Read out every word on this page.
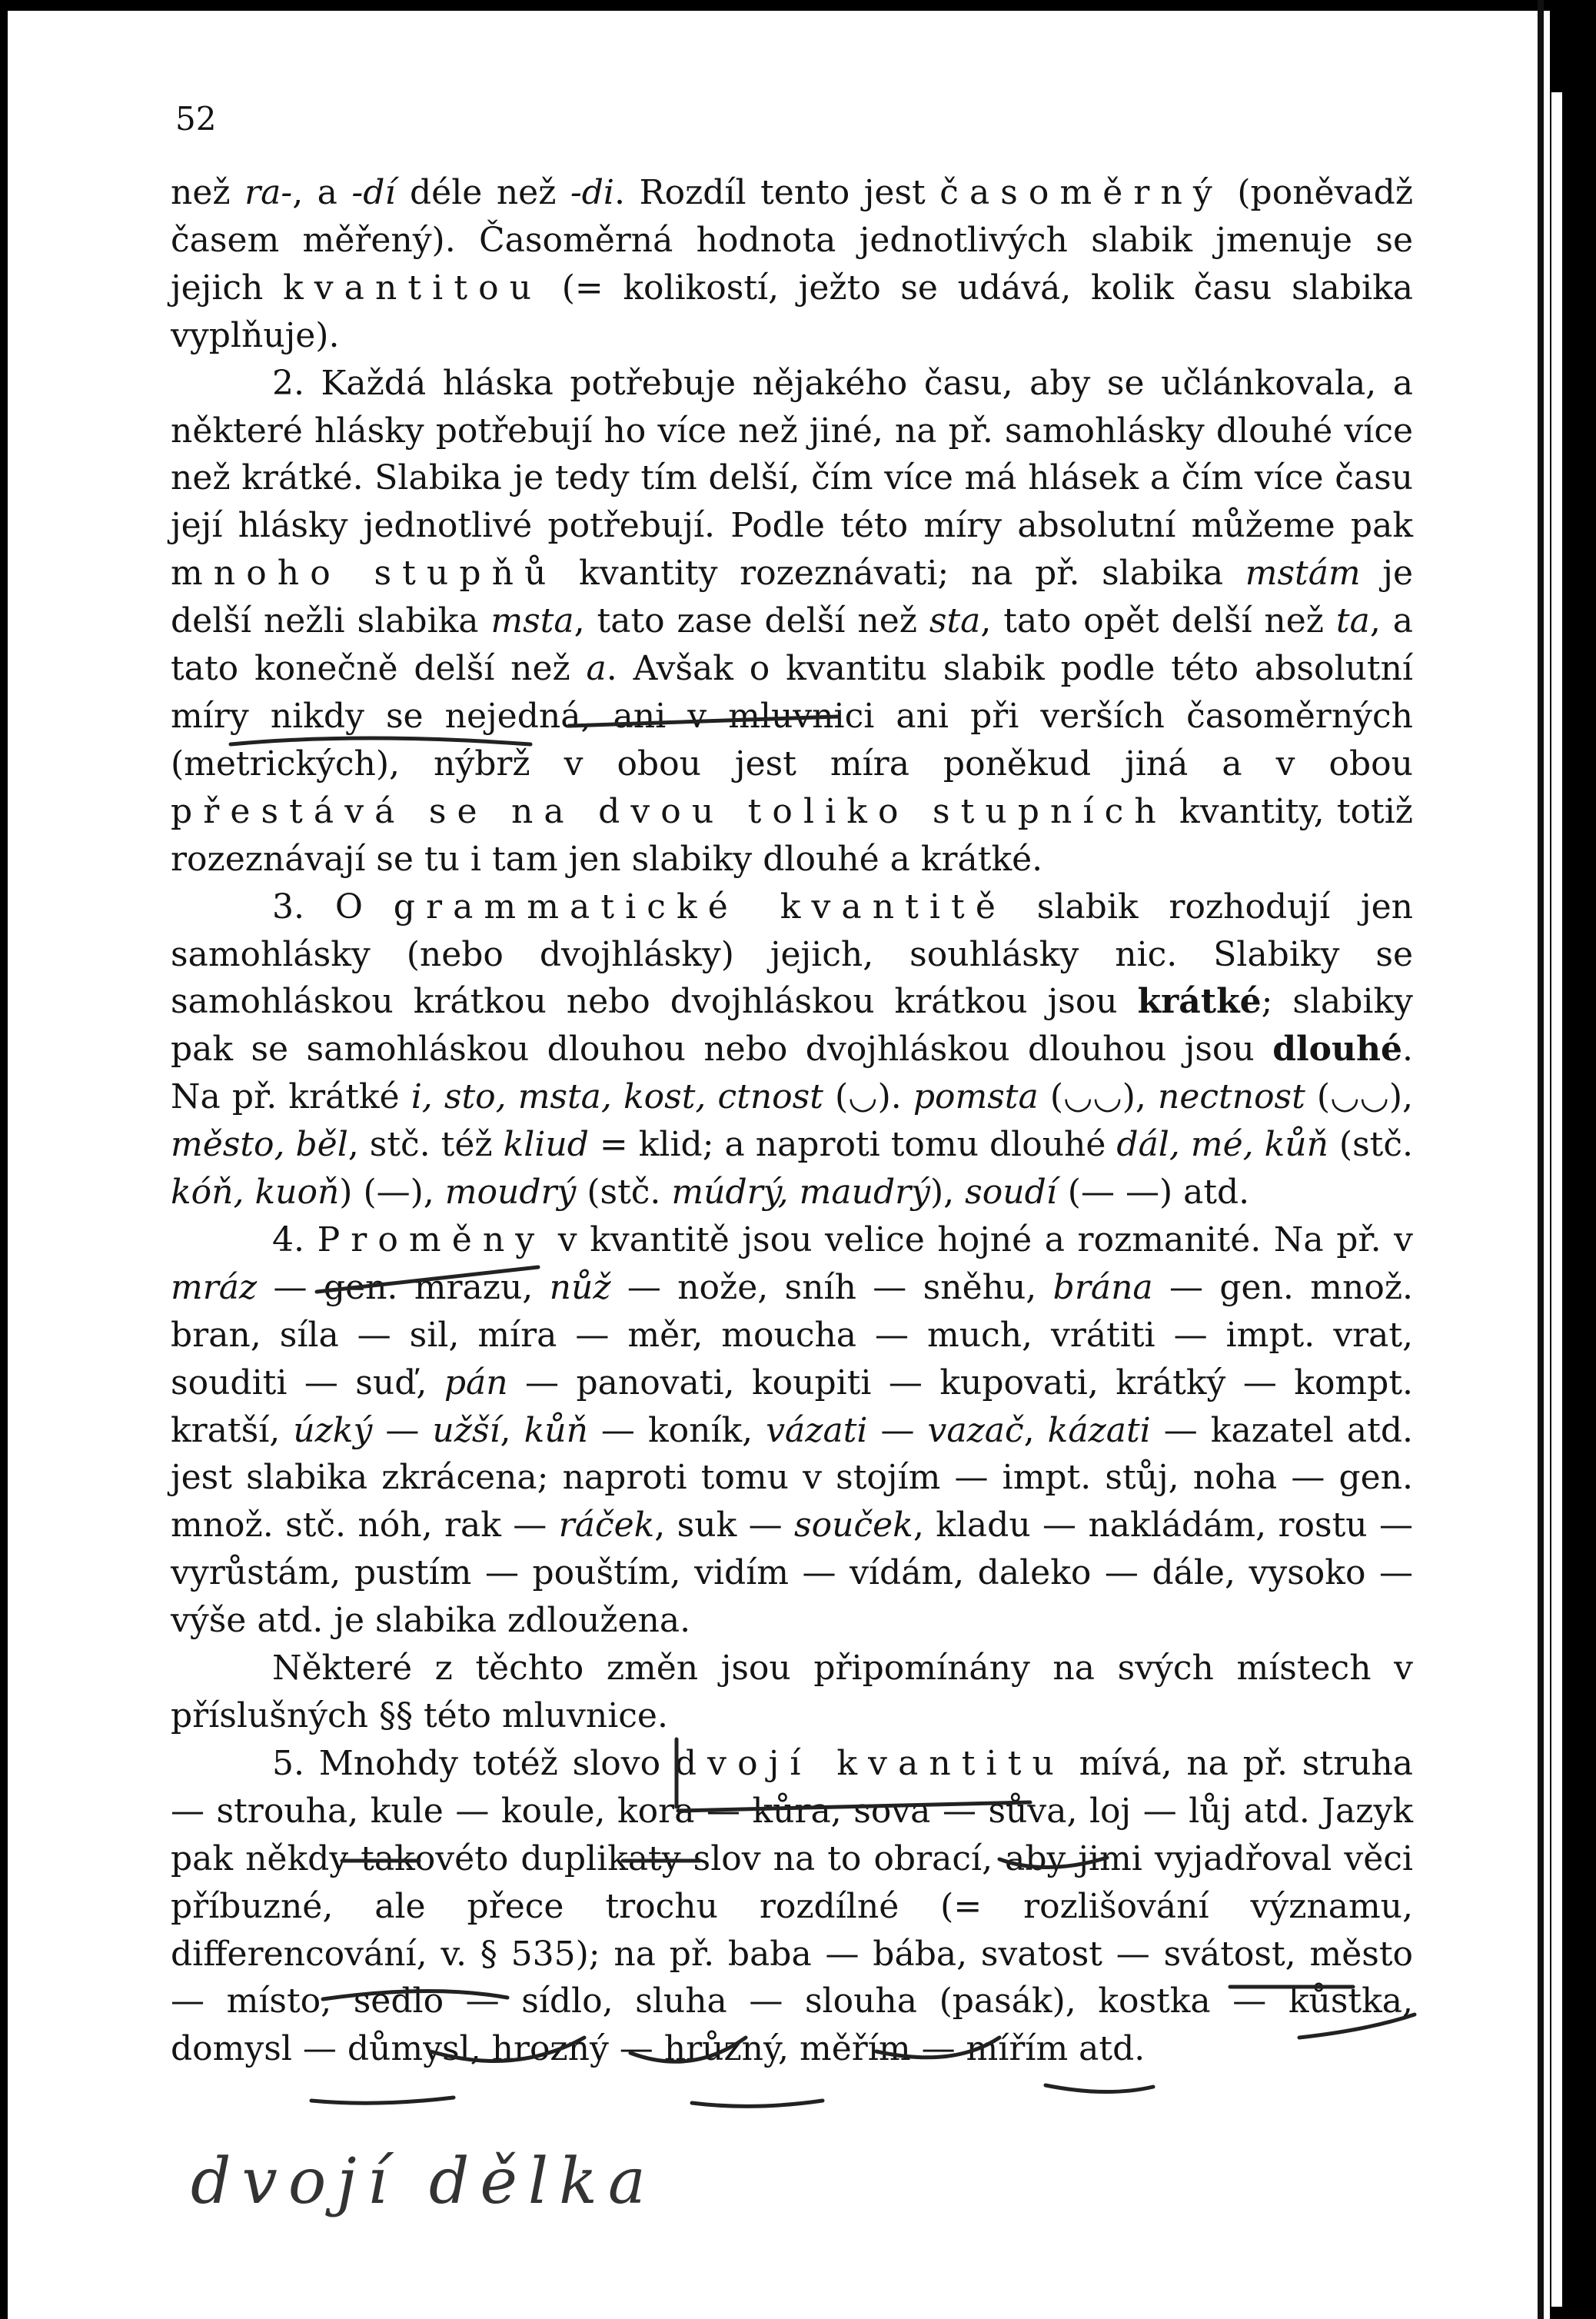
52

než ra-, a -dí déle než -di. Rozdíl tento jest časoměrný (poněvadž časem měřený). Časoměrná hodnota jednotlivých slabik jmenuje se jejich kvantitou (= kolikostí, ježto se udává, kolik času slabika vyplňuje).

2. Každá hláska potřebuje nějakého času, aby se učlánkovala, a některé hlásky potřebují ho více než jiné, na př. samohlásky dlouhé více než krátké. Slabika je tedy tím delší, čím více má hlásek a čím více času její hlásky jednotlivé potřebují. Podle této míry absolutní můžeme pak mnoho stupňů kvantity rozeznávati; na př. slabika mstám je delší nežli slabika msta, tato zase delší než sta, tato opět delší než ta, a tato konečně delší než a. Avšak o kvantitu slabik podle této absolutní míry nikdy se nejedná, ani v mluvnici ani při verších časoměrných (metrických), nýbrž v obou jest míra poněkud jiná a v obou přestává se na dvou toliko stupních kvantity, totiž rozeznávají se tu i tam jen slabiky dlouhé a krátké.

3. O grammatické kvantitě slabik rozhodují jen samohlásky (nebo dvojhlásky) jejich, souhlásky nic. Slabiky se samohláskou krátkou nebo dvojhláskou krátkou jsou krátké; slabiky pak se samohláskou dlouhou nebo dvojhláskou dlouhou jsou dlouhé. Na př. krátké i, sto, msta, kost, ctnost (◡). pomsta (◡◡), nectnost (◡◡), město, běl, stč. též kliud = klid; a naproti tomu dlouhé dál, mé, kůň (stč. kóň, kuoň) (—), moudrý (stč. múdrý, maudrý), soudí (— —) atd.

4. Proměny v kvantitě jsou velice hojné a rozmanité. Na př. v mráz — gen. mrazu, nůž — nože, sníh — sněhu, brána — gen. množ. bran, síla — sil, míra — měr, moucha — much, vrátiti — impt. vrat, souditi — suď, pán — panovati, koupiti — kupovati, krátký — kompt. kratší, úzký — užší, kůň — koník, vázati — vazač, kázati — kazatel atd. jest slabika zkrácena; naproti tomu v stojím — impt. stůj, noha — gen. množ. stč. nóh, rak — ráček, suk — souček, kladu — nakládám, rostu — vyrůstám, pustím — pouštím, vidím — vídám, daleko — dále, vysoko — výše atd. je slabika zdloužena.

Některé z těchto změn jsou připomínány na svých místech v příslušných §§ této mluvnice.

5. Mnohdy totéž slovo dvojí kvantitu mívá, na př. struha — strouha, kule — koule, kora — kůra, sova — sůva, loj — lůj atd. Jazyk pak někdy takovéto duplikaty slov na to obrací, aby jimi vyjadřoval věci příbuzné, ale přece trochu rozdílné (= rozlišování významu, differencování, v. § 535); na př. baba — bába, svatost — svátost, město — místo, sedlo — sídlo, sluha — slouha (pasák), kostka — kůstka, domysl — důmysl, hrozný — hrůzný, měřím — mířím atd.

dvojí dělka
